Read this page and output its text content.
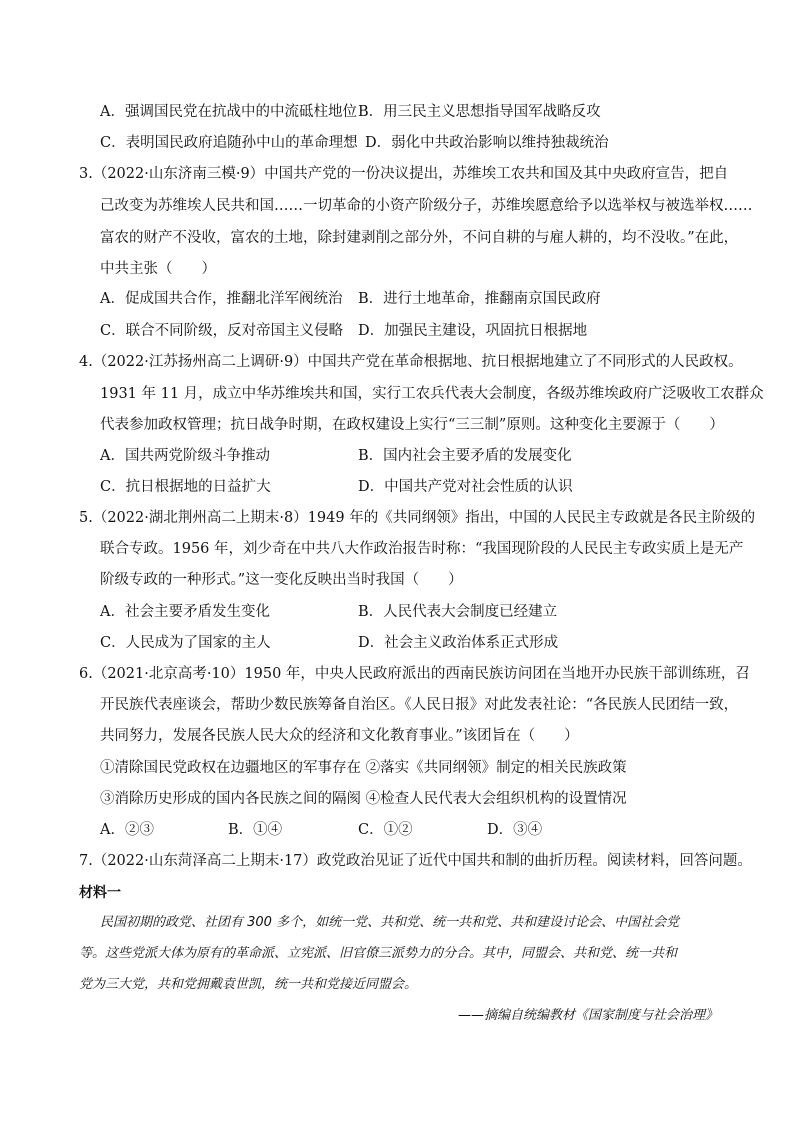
A．强调国民党在抗战中的中流砥柱地位 B．用三民主义思想指导国军战略反攻
C．表明国民政府追随孙中山的革命理想 D．弱化中共政治影响以维持独裁统治
3.（2022·山东济南三模·9）中国共产党的一份决议提出，苏维埃工农共和国及其中央政府宣告，把自
己改变为苏维埃人民共和国……一切革命的小资产阶级分子，苏维埃愿意给予以选举权与被选举权……
富农的财产不没收，富农的土地，除封建剥削之部分外，不问自耕的与雇人耕的，均不没收。”在此，
中共主张（　　）
A．促成国共合作，推翻北洋军阀统治 B．进行土地革命，推翻南京国民政府
C．联合不同阶级，反对帝国主义侵略 D．加强民主建设，巩固抗日根据地
4.（2022·江苏扬州高二上调研·9）中国共产党在革命根据地、抗日根据地建立了不同形式的人民政权。
1931 年 11 月，成立中华苏维埃共和国，实行工农兵代表大会制度，各级苏维埃政府广泛吸收工农群众
代表参加政权管理；抗日战争时期，在政权建设上实行“三三制”原则。这种变化主要源于（　　）
A．国共两党阶级斗争推动	B．国内社会主要矛盾的发展变化
C．抗日根据地的日益扩大	D．中国共产党对社会性质的认识
5.（2022·湖北荆州高二上期末·8）1949 年的《共同纲领》指出，中国的人民民主专政就是各民主阶级的
联合专政。1956 年，刘少奇在中共八大作政治报告时称：“我国现阶段的人民民主专政实质上是无产
阶级专政的一种形式。”这一变化反映出当时我国（　　）
A．社会主要矛盾发生变化	B．人民代表大会制度已经建立
C．人民成为了国家的主人	D．社会主义政治体系正式形成
6.（2021·北京高考·10）1950 年，中央人民政府派出的西南民族访问团在当地开办民族干部训练班，召
开民族代表座谈会，帮助少数民族筹备自治区。《人民日报》对此发表社论：“各民族人民团结一致，
共同努力，发展各民族人民大众的经济和文化教育事业。”该团旨在（　　）
①清除国民党政权在边疆地区的军事存在 ②落实《共同纲领》制定的相关民族政策
③消除历史形成的国内各民族之间的隔阂 ④检查人民代表大会组织机构的设置情况
A．②③	B．①④	C．①②	D．③④
7.（2022·山东菏泽高二上期末·17）政党政治见证了近代中国共和制的曲折历程。阅读材料，回答问题。
材料一
民国初期的政党、社团有 300 多个，如统一党、共和党、统一共和党、共和建设讨论会、中国社会党
等。这些党派大体为原有的革命派、立宪派、旧官僚三派势力的分合。其中，同盟会、共和党、统一共和
党为三大党，共和党拥戴袁世凯，统一共和党接近同盟会。
——摘编自统编教材《国家制度与社会治理》
